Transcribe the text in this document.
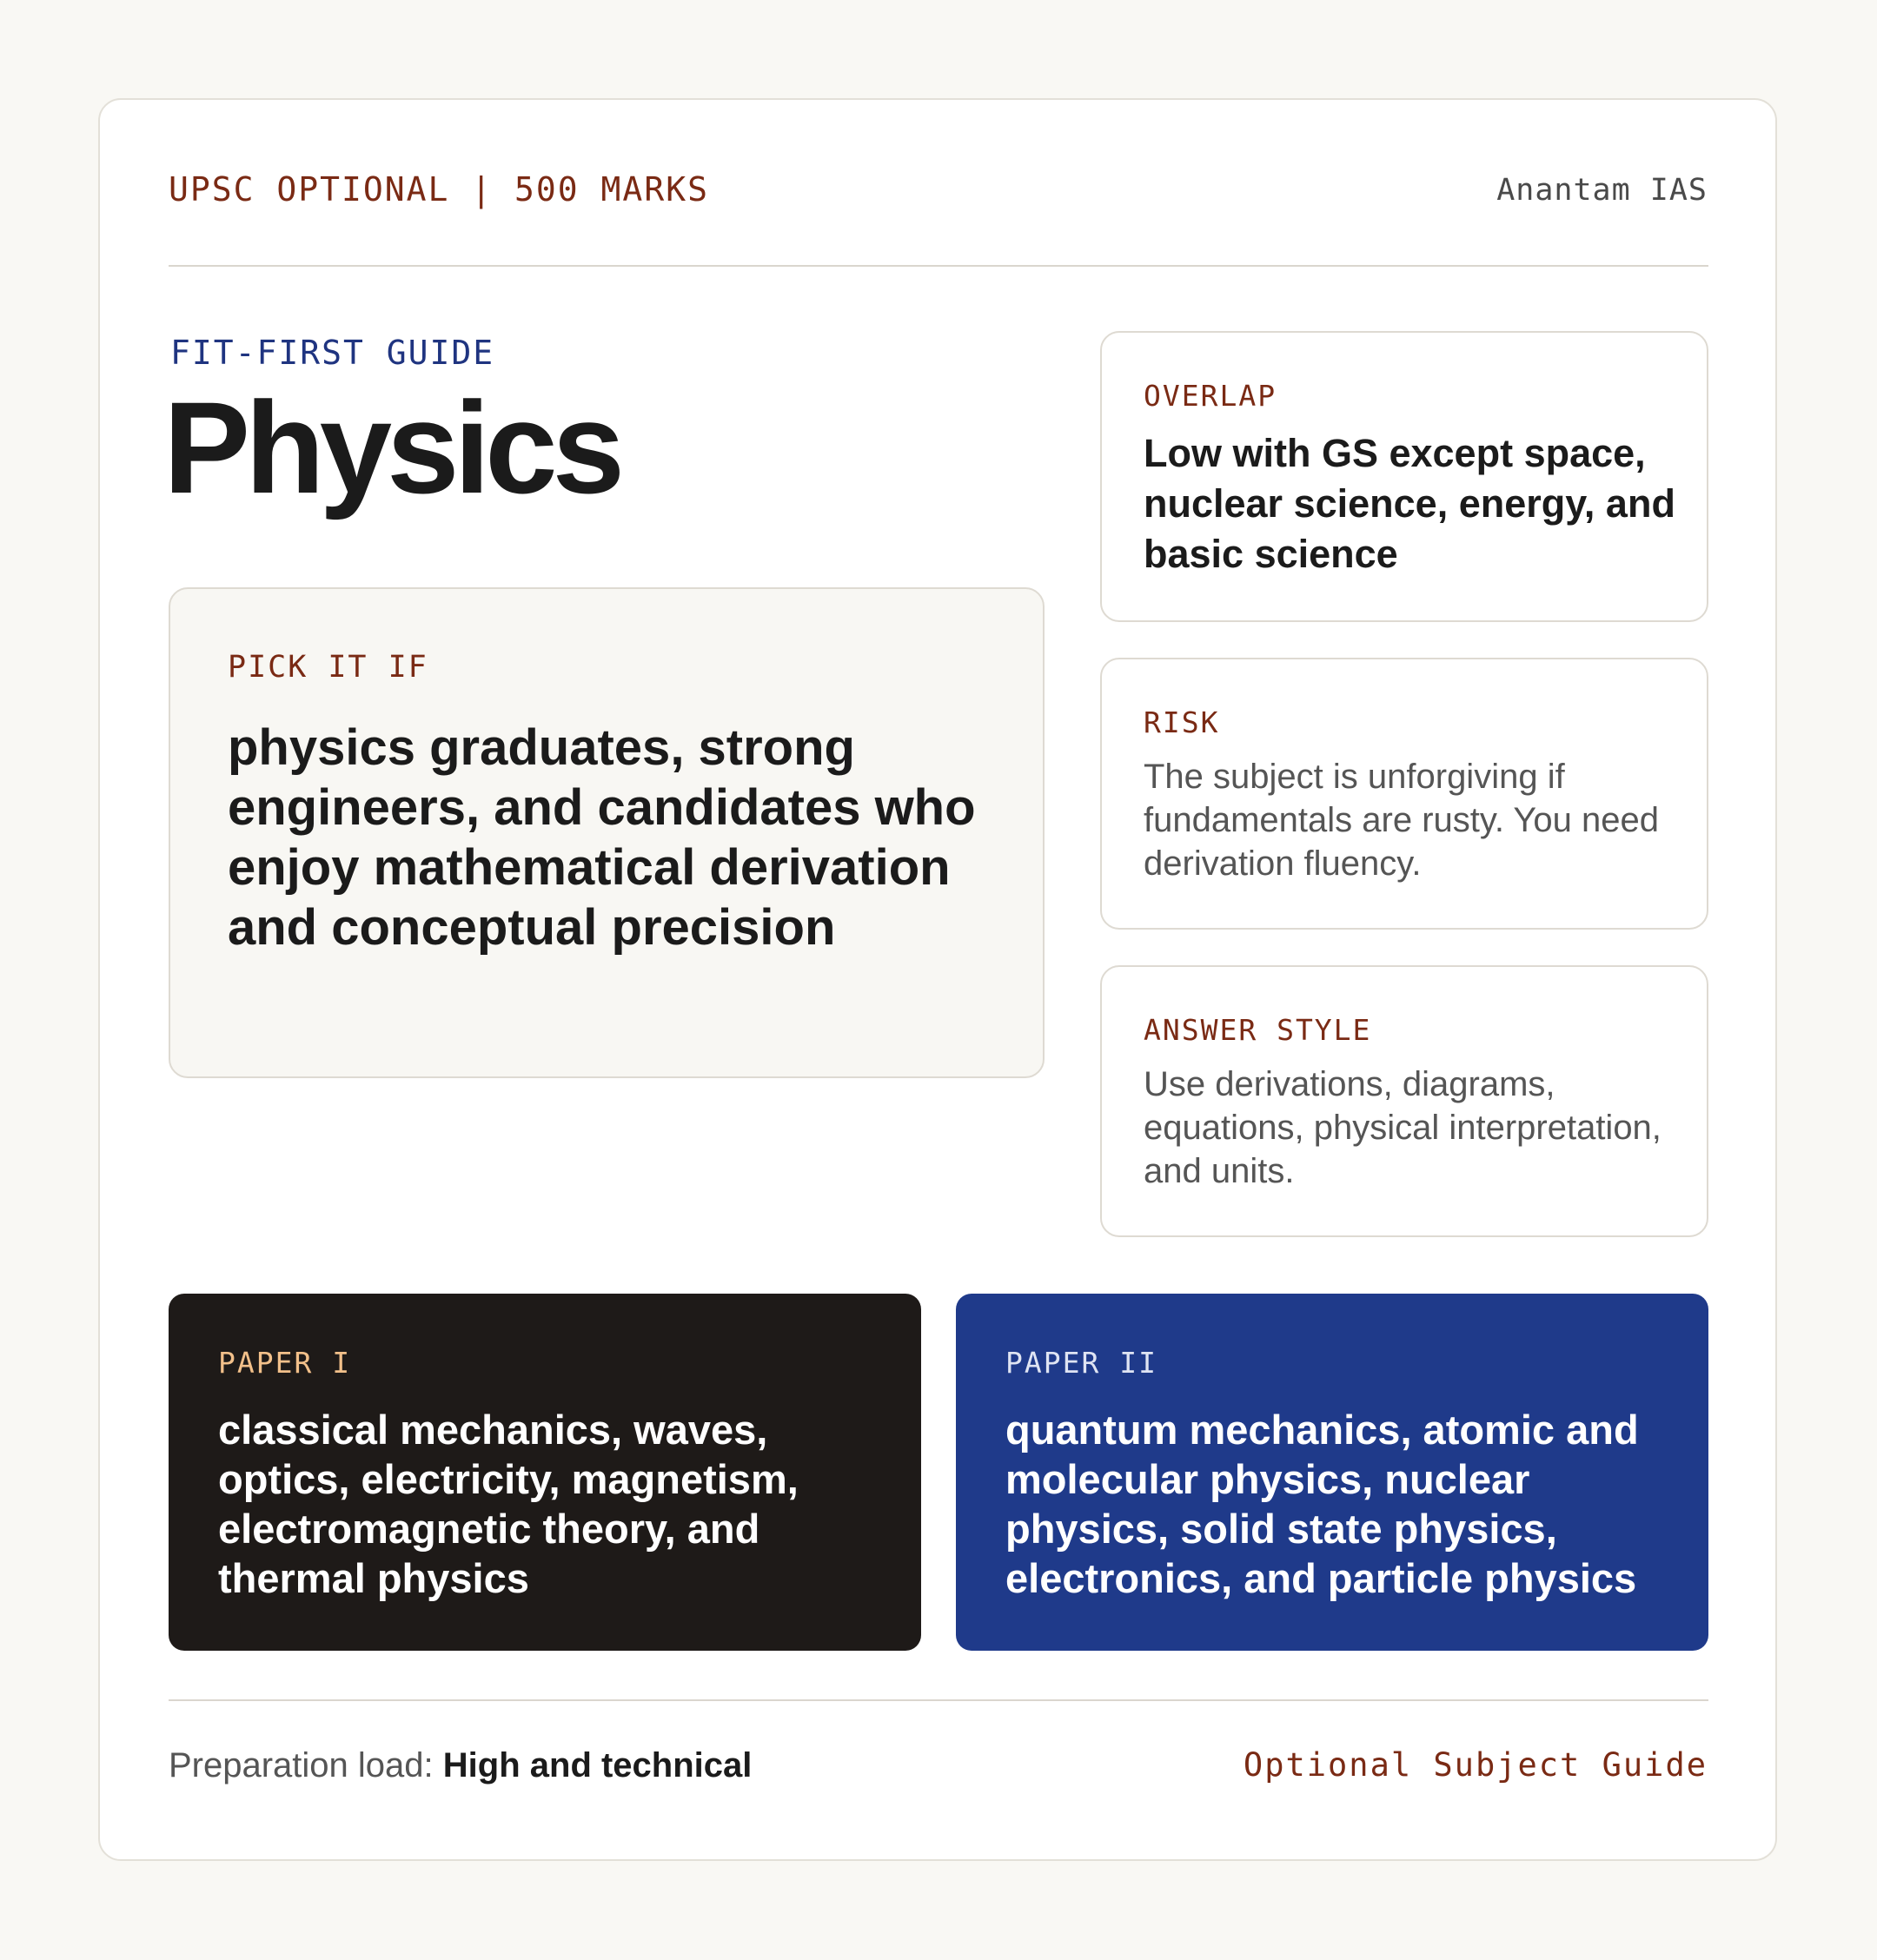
UPSC OPTIONAL | 500 MARKS	Anantam IAS
FIT-FIRST GUIDE
Physics
PICK IT IF
physics graduates, strong engineers, and candidates who enjoy mathematical derivation and conceptual precision
OVERLAP
Low with GS except space, nuclear science, energy, and basic science
RISK
The subject is unforgiving if fundamentals are rusty. You need derivation fluency.
ANSWER STYLE
Use derivations, diagrams, equations, physical interpretation, and units.
PAPER I
classical mechanics, waves, optics, electricity, magnetism, electromagnetic theory, and thermal physics
PAPER II
quantum mechanics, atomic and molecular physics, nuclear physics, solid state physics, electronics, and particle physics
Preparation load: High and technical	Optional Subject Guide
